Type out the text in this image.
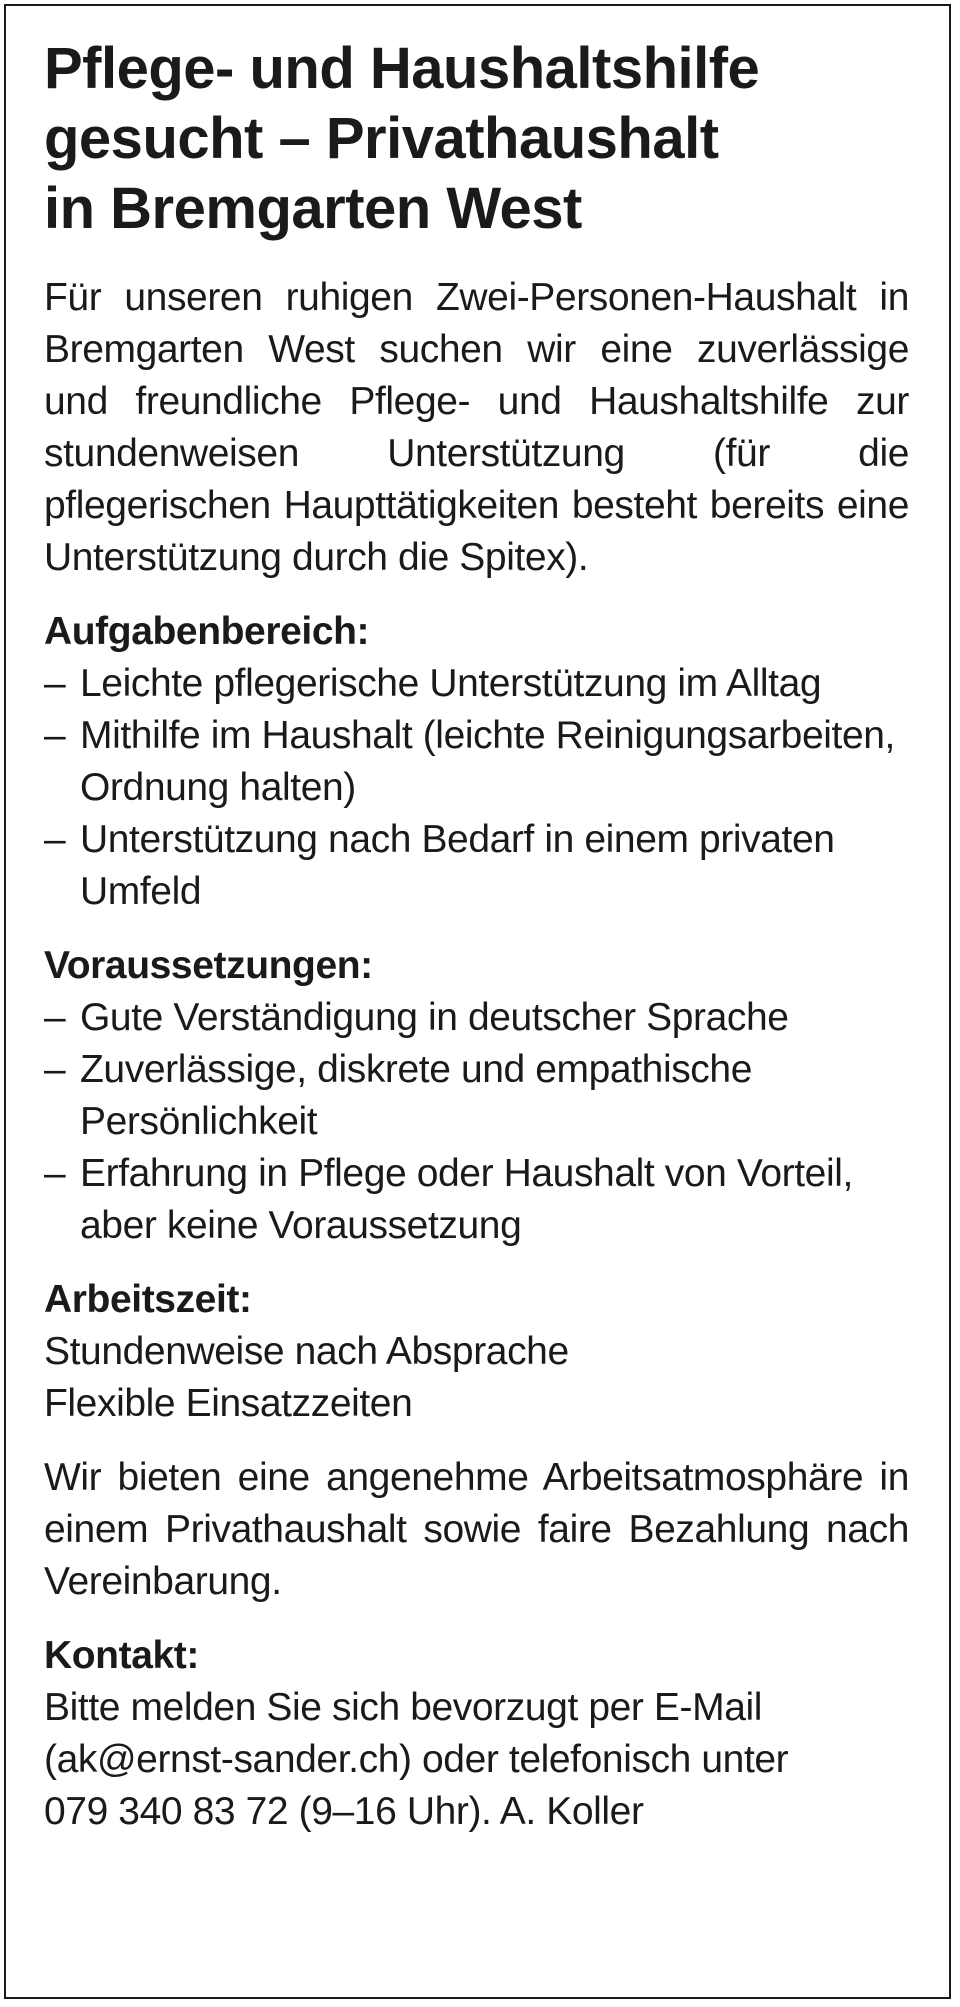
Pflege- und Haushaltshilfe
gesucht – Privathaushalt
in Bremgarten West

Für unseren ruhigen Zwei-Personen-Haushalt in Bremgarten West suchen wir eine zuverlässige und freundliche Pflege- und Haushaltshilfe zur stundenweisen Unterstützung (für die pflegerischen Haupttätigkeiten besteht bereits eine Unterstützung durch die Spitex).

Aufgabenbereich:
– Leichte pflegerische Unterstützung im Alltag
– Mithilfe im Haushalt (leichte Reinigungsarbeiten, Ordnung halten)
– Unterstützung nach Bedarf in einem privaten Umfeld
Voraussetzungen:
– Gute Verständigung in deutscher Sprache
– Zuverlässige, diskrete und empathische Persönlichkeit
– Erfahrung in Pflege oder Haushalt von Vorteil, aber keine Voraussetzung
Arbeitszeit:
Stundenweise nach Absprache
Flexible Einsatzzeiten

Wir bieten eine angenehme Arbeitsatmosphäre in einem Privathaushalt sowie faire Bezahlung nach Vereinbarung.

Kontakt:
Bitte melden Sie sich bevorzugt per E-Mail
(ak@ernst-sander.ch) oder telefonisch unter
079 340 83 72 (9–16 Uhr). A. Koller
